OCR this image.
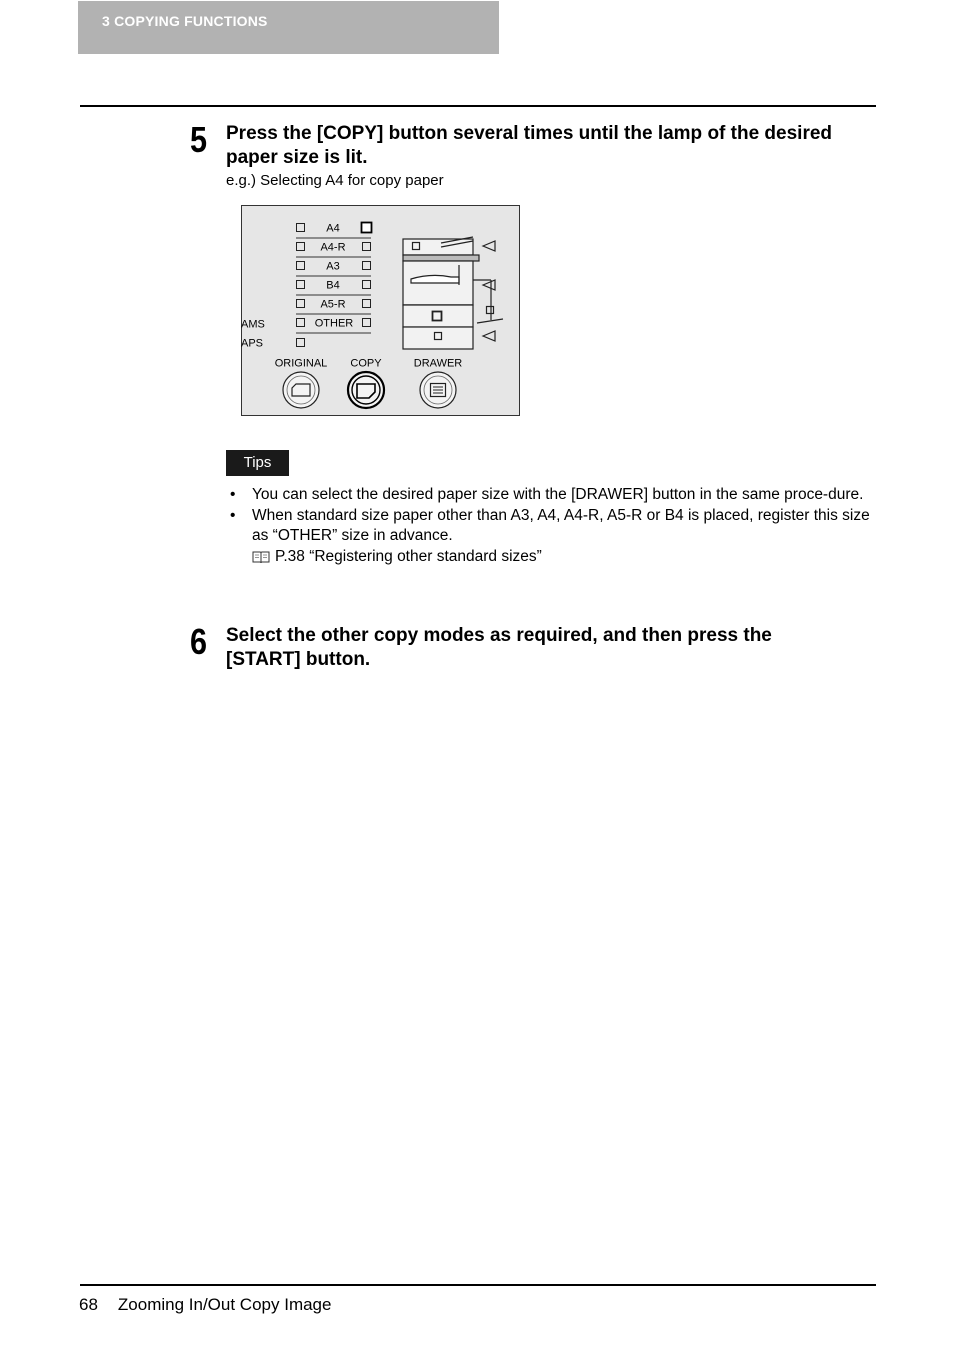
3 COPYING FUNCTIONS
5 Press the [COPY] button several times until the lamp of the desired paper size is lit.
e.g.) Selecting A4 for copy paper
A4
A4-R
A3
B4
A5-R
AMS	OTHER
APS
ORIGINAL COPY	DRAWER
Tips
• You can select the desired paper size with the [DRAWER] button in the same proce-dure.
• When standard size paper other than A3, A4, A4-R, A5-R or B4 is placed, register this size as “OTHER” size in advance.
P.38 “Registering other standard sizes”
6 Select the other copy modes as required, and then press the [START] button.
68 Zooming In/Out Copy Image
